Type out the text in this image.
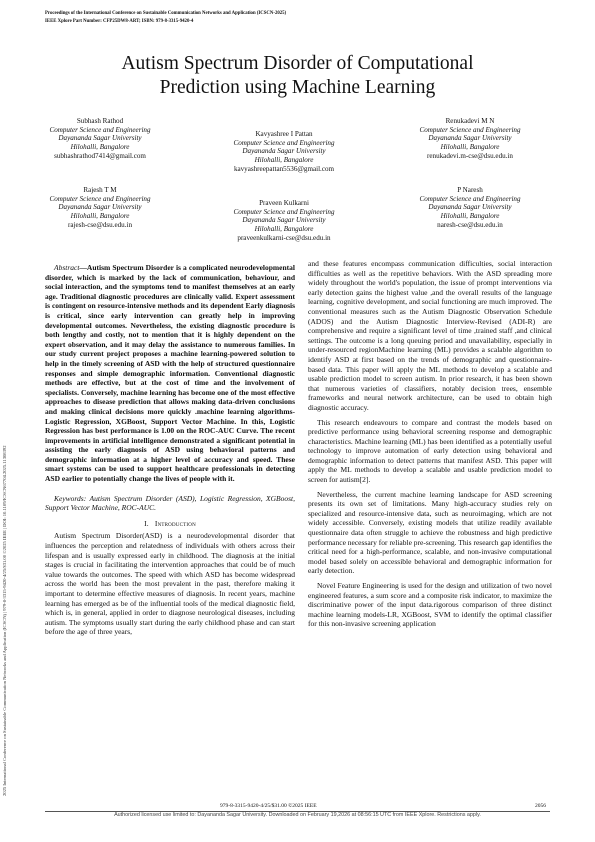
Proceedings of the International Conference on Sustainable Communication Networks and Application (ICSCN-2025)
IEEE Xplore Part Number: CFP25DW8-ART; ISBN: 979-8-3315-9420-4
Autism Spectrum Disorder of Computational
Prediction using Machine Learning
2025 International Conference on Sustainable Communication Networks and Application (ICSCN) | 979-8-3315-9420-4/25/$31.00 ©2025 IEEE | DOI: 10.1109/ICSCN67704.2025.11308392
Subhash Rathod
Computer Science and Engineering
Dayananda Sagar University
Hilohalli, Bangalore
subhashrathod7414@gmail.com
Kavyashree I Pattan
Computer Science and Engineering
Dayananda Sagar University
Hilohalli, Bangalore
kavyashreepattan5536@gmail.com
Renukadevi M N
Computer Science and Engineering
Dayananda Sagar University
Hilohalli, Bangalore
renukadevi.m-cse@dsu.edu.in
Rajesh T M
Computer Science and Engineering
Dayananda Sagar University
Hilohalli, Bangalore
rajesh-cse@dsu.edu.in
Praveen Kulkarni
Computer Science and Engineering
Dayananda Sagar University
Hilohalli, Bangalore
praveenkulkarni-cse@dsu.edu.in
P Naresh
Computer Science and Engineering
Dayananda Sagar University
Hilohalli, Bangalore
naresh-cse@dsu.edu.in

Abstract—Autism Spectrum Disorder is a complicated neurodevelopmental disorder, which is marked by the lack of communication, behaviour, and social interaction, and the symptoms tend to manifest themselves at an early age. Traditional diagnostic procedures are clinically valid. Expert assessment is contingent on resource-intensive methods and its dependent Early diagnosis is critical, since early intervention can greatly help in improving developmental outcomes. Nevertheless, the existing diagnostic procedure is both lengthy and costly, not to mention that it is highly dependent on the expert observation, and it may delay the assistance to numerous families. In our study current project proposes a machine learning-powered solution to help in the timely screening of ASD with the help of structured questionnaire responses and simple demographic information. Conventional diagnostic methods are effective, but at the cost of time and the involvement of specialists. Conversely, machine learning has become one of the most effective approaches to disease prediction that allows making data-driven conclusions and making clinical decisions more quickly .machine learning algorithms-Logistic Regression, XGBoost, Support Vector Machine. In this, Logistic Regression has best performance is 1.00 on the ROC-AUC Curve. The recent improvements in artificial intelligence demonstrated a significant potential in assisting the early diagnosis of ASD using behavioral patterns and demographic information at a higher level of accuracy and speed. These smart systems can be used to support healthcare professionals in detecting ASD earlier to potentially change the lives of people with it.

Keywords: Autism Spectrum Disorder (ASD), Logistic Regression, XGBoost, Support Vector Machine, ROC-AUC.

I. Introduction

Autism Spectrum Disorder(ASD) is a neurodevelopmental disorder that influences the perception and relatedness of individuals with others across their lifespan and is usually expressed early in childhood. The diagnosis at the initial stages is crucial in facilitating the intervention approaches that could be of much value towards the outcomes. The speed with which ASD has become widespread across the world has been the most prevalent in the past, therefore making it important to determine effective measures of diagnosis. In recent years, machine learning has emerged as be of the influential tools of the medical diagnostic field, which is, in general, applied in order to diagnose neurological diseases, including autism. The symptoms usually start during the early childhood phase and can start before the age of three years,

and these features encompass communication difficulties, social interaction difficulties as well as the repetitive behaviors. With the ASD spreading more widely throughout the world's population, the issue of prompt interventions via early detection gains the highest value ,and the overall results of the language learning, cognitive development, and social functioning are much improved. The conventional measures such as the Autism Diagnostic Observation Schedule (ADOS) and the Autism Diagnostic Interview-Revised (ADI-R) are comprehensive and require a significant level of time ,trained staff ,and clinical settings. The outcome is a long queuing period and unavailability, especially in under-resourced regionMachine learning (ML) provides a scalable algorithm to identify ASD at first based on the trends of demographic and questionnaire-based data. This paper will apply the ML methods to develop a scalable and usable prediction model to screen autism. In prior research, it has been shown that numerous varieties of classifiers, notably decision trees, ensemble frameworks and neural network architecture, can be used to obtain high diagnostic accuracy.

This research endeavours to compare and contrast the models based on predictive performance using behavioral screening response and demographic characteristics. Machine learning (ML) has been identified as a potentially useful technology to improve automation of early detection using behavioral and demographic information to detect patterns that manifest ASD. This paper will apply the ML methods to develop a scalable and usable prediction model to screen for autism[2].

Nevertheless, the current machine learning landscape for ASD screening presents its own set of limitations. Many high-accuracy studies rely on specialized and resource-intensive data, such as neuroimaging, which are not widely accessible. Conversely, existing models that utilize readily available questionnaire data often struggle to achieve the robustness and high predictive performance necessary for reliable pre-screening. This research gap identifies the critical need for a high-performance, scalable, and non-invasive computational model based solely on accessible behavioral and demographic information for early detection.

Novel Feature Engineering is used for the design and utilization of two novel engineered features, a sum score and a composite risk indicator, to maximize the discriminative power of the input data.rigorous comparison of three distinct machine learning models-LR, XGBoost, SVM to identify the optimal classifier for this non-invasive screening application

979-8-3315-9420-4/25/$31.00 ©2025 IEEE	2056
Authorized licensed use limited to: Dayananda Sagar University. Downloaded on February 19,2026 at 08:56:15 UTC from IEEE Xplore. Restrictions apply.
